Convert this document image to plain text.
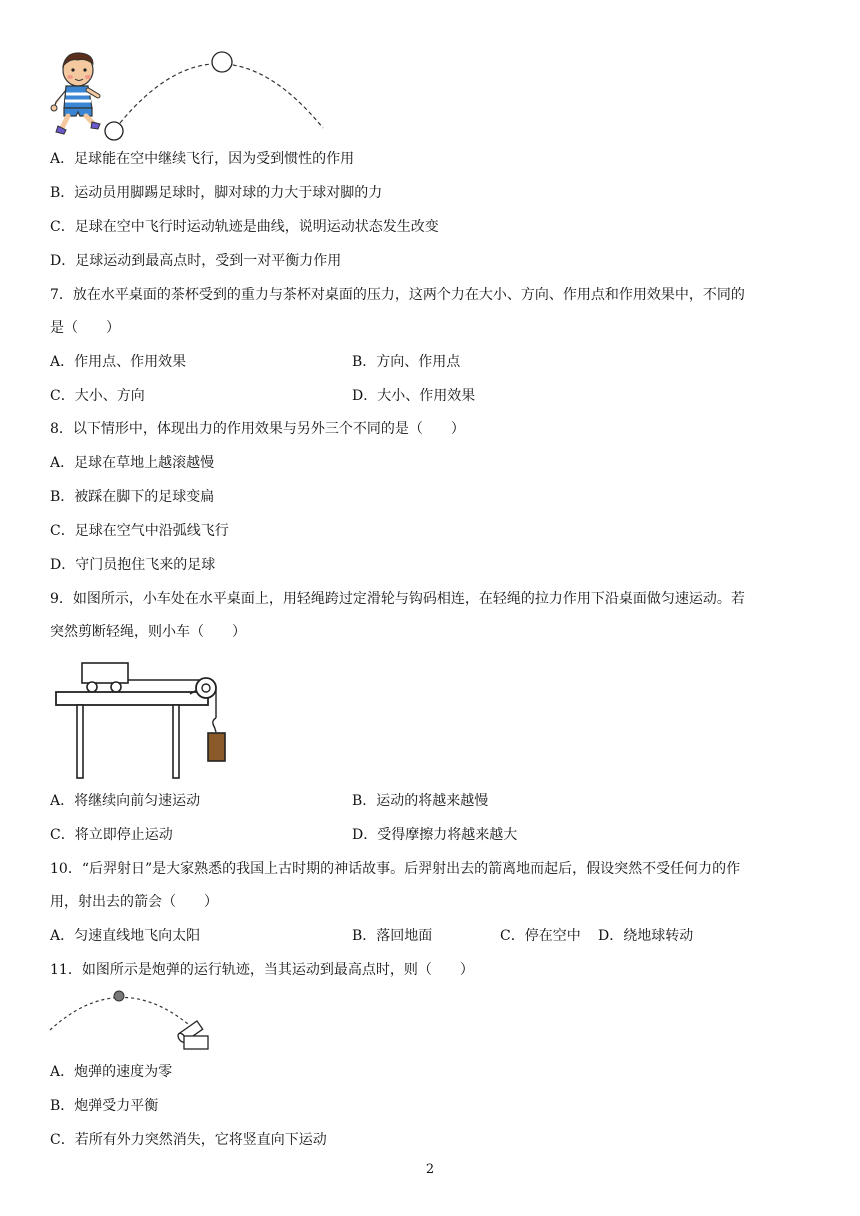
A．足球能在空中继续飞行，因为受到惯性的作用
B．运动员用脚踢足球时，脚对球的力大于球对脚的力
C．足球在空中飞行时运动轨迹是曲线，说明运动状态发生改变
D．足球运动到最高点时，受到一对平衡力作用
7．放在水平桌面的茶杯受到的重力与茶杯对桌面的压力，这两个力在大小、方向、作用点和作用效果中，不同的
是（　　）
A．作用点、作用效果	B．方向、作用点
C．大小、方向	D．大小、作用效果
8．以下情形中，体现出力的作用效果与另外三个不同的是（　　）
A．足球在草地上越滚越慢
B．被踩在脚下的足球变扁
C．足球在空气中沿弧线飞行
D．守门员抱住飞来的足球
9．如图所示，小车处在水平桌面上，用轻绳跨过定滑轮与钩码相连，在轻绳的拉力作用下沿桌面做匀速运动。若
突然剪断轻绳，则小车（　　）
A．将继续向前匀速运动	B．运动的将越来越慢
C．将立即停止运动	D．受得摩擦力将越来越大
10．“后羿射日”是大家熟悉的我国上古时期的神话故事。后羿射出去的箭离地而起后，假设突然不受任何力的作
用，射出去的箭会（　　）
A．匀速直线地飞向太阳	B．落回地面	C．停在空中 D．绕地球转动
11．如图所示是炮弹的运行轨迹，当其运动到最高点时，则（　　）
A．炮弹的速度为零
B．炮弹受力平衡
C．若所有外力突然消失，它将竖直向下运动
2
